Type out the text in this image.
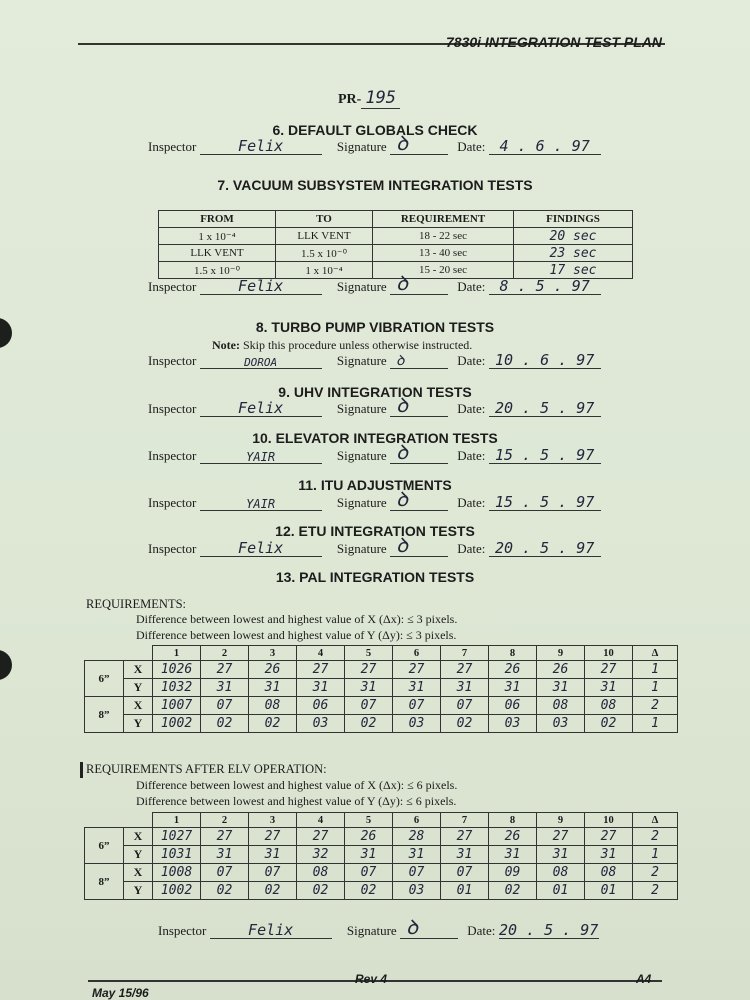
7830i INTEGRATION TEST PLAN
PR- 195
6. DEFAULT GLOBALS CHECK
Inspector	Felix	Signature ꝺ	Date: 4 . 6 . 97
7. VACUUM SUBSYSTEM INTEGRATION TESTS
FROM	TO	REQUIREMENT	FINDINGS
1 x 10⁻⁴	LLK VENT	18 - 22 sec	20 sec
LLK VENT	1.5 x 10⁻⁰	13 - 40 sec	23 sec
1.5 x 10⁻⁰	1 x 10⁻⁴	15 - 20 sec	17 sec
Inspector	Felix	Signature ꝺ	Date: 8 . 5 . 97
8. TURBO PUMP VIBRATION TESTS
Note: Skip this procedure unless otherwise instructed.
Inspector	DOROA	Signature ꝺ	Date: 10 . 6 . 97
9. UHV INTEGRATION TESTS
Inspector	Felix	Signature ꝺ	Date: 20 . 5 . 97
10. ELEVATOR INTEGRATION TESTS
Inspector	YAIR	Signature ꝺ	Date: 15 . 5 . 97
11. ITU ADJUSTMENTS
Inspector	YAIR	Signature ꝺ	Date: 15 . 5 . 97
12. ETU INTEGRATION TESTS
Inspector	Felix	Signature ꝺ	Date: 20 . 5 . 97
13. PAL INTEGRATION TESTS
REQUIREMENTS:
Difference between lowest and highest value of X (Δx): ≤ 3 pixels.
Difference between lowest and highest value of Y (Δy): ≤ 3 pixels.
		1	2	3	4	5	6	7	8	9	10	Δ
6”	X	1026	27	26	27	27	27	27	26	26	27	1
	Y	1032	31	31	31	31	31	31	31	31	31	1
8”	X	1007	07	08	06	07	07	07	06	08	08	2
	Y	1002	02	02	03	02	03	02	03	03	02	1
REQUIREMENTS AFTER ELV OPERATION:
Difference between lowest and highest value of X (Δx): ≤ 6 pixels.
Difference between lowest and highest value of Y (Δy): ≤ 6 pixels.
		1	2	3	4	5	6	7	8	9	10	Δ
6”	X	1027	27	27	27	26	28	27	26	27	27	2
	Y	1031	31	31	32	31	31	31	31	31	31	1
8”	X	1008	07	07	08	07	07	07	09	08	08	2
	Y	1002	02	02	02	02	03	01	02	01	01	2
Inspector	Felix	Signature ꝺ	Date: 20 . 5 . 97
May 15/96
Rev 4	A4
